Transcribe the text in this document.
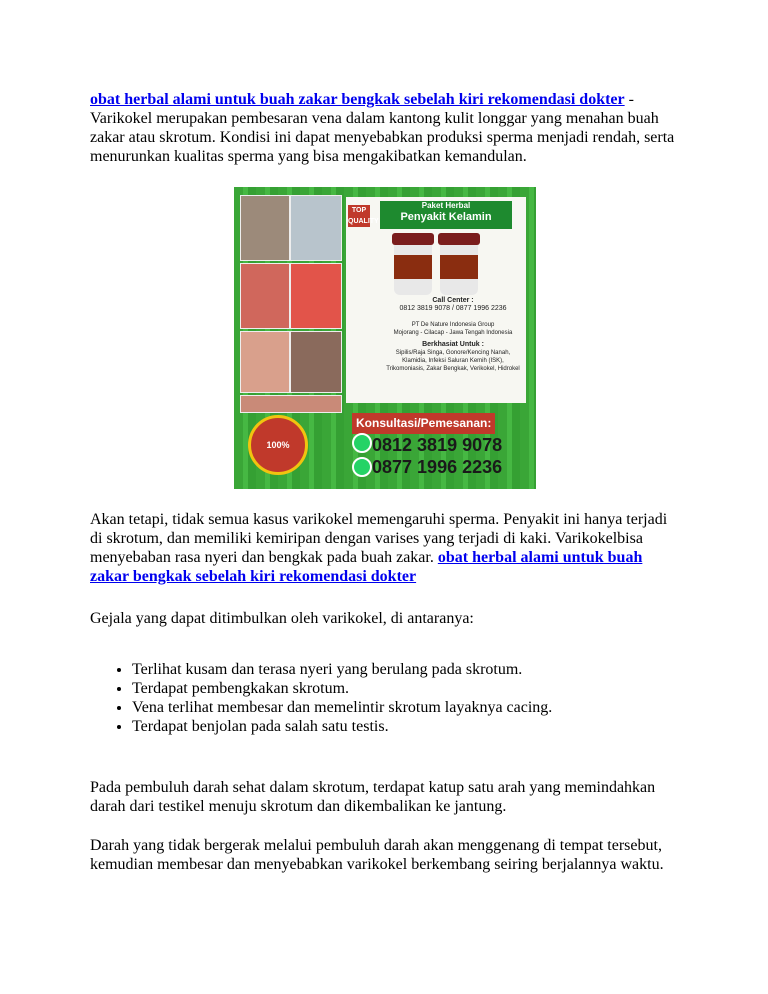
obat herbal alami untuk buah zakar bengkak sebelah kiri rekomendasi dokter -
Varikokel merupakan pembesaran vena dalam kantong kulit longgar yang menahan buah zakar atau skrotum. Kondisi ini dapat menyebabkan produksi sperma menjadi rendah, serta menurunkan kualitas sperma yang bisa mengakibatkan kemandulan.

TOP QUALITY
Paket Herbal
Penyakit Kelamin
Call Center :
0812 3819 9078 / 0877 1996 2236
PT De Nature Indonesia Group
Mojorang - Cilacap - Jawa Tengah Indonesia
Berkhasiat Untuk :
Sipilis/Raja Singa, Gonore/Kencing Nanah, Klamidia, Infeksi Saluran Kemih (ISK), Trikomoniasis, Zakar Bengkak, Verikokel, Hidrokel
Konsultasi/Pemesanan:
0812 3819 9078
0877 1996 2236
100% ORIGINAL

Akan tetapi, tidak semua kasus varikokel memengaruhi sperma. Penyakit ini hanya terjadi di skrotum, dan memiliki kemiripan dengan varises yang terjadi di kaki. Varikokelbisa menyebaban rasa nyeri dan bengkak pada buah zakar. obat herbal alami untuk buah zakar bengkak sebelah kiri rekomendasi dokter

Gejala yang dapat ditimbulkan oleh varikokel, di antaranya:

• Terlihat kusam dan terasa nyeri yang berulang pada skrotum.
• Terdapat pembengkakan skrotum.
• Vena terlihat membesar dan memelintir skrotum layaknya cacing.
• Terdapat benjolan pada salah satu testis.

Pada pembuluh darah sehat dalam skrotum, terdapat katup satu arah yang memindahkan darah dari testikel menuju skrotum dan dikembalikan ke jantung.

Darah yang tidak bergerak melalui pembuluh darah akan menggenang di tempat tersebut, kemudian membesar dan menyebabkan varikokel berkembang seiring berjalannya waktu.
